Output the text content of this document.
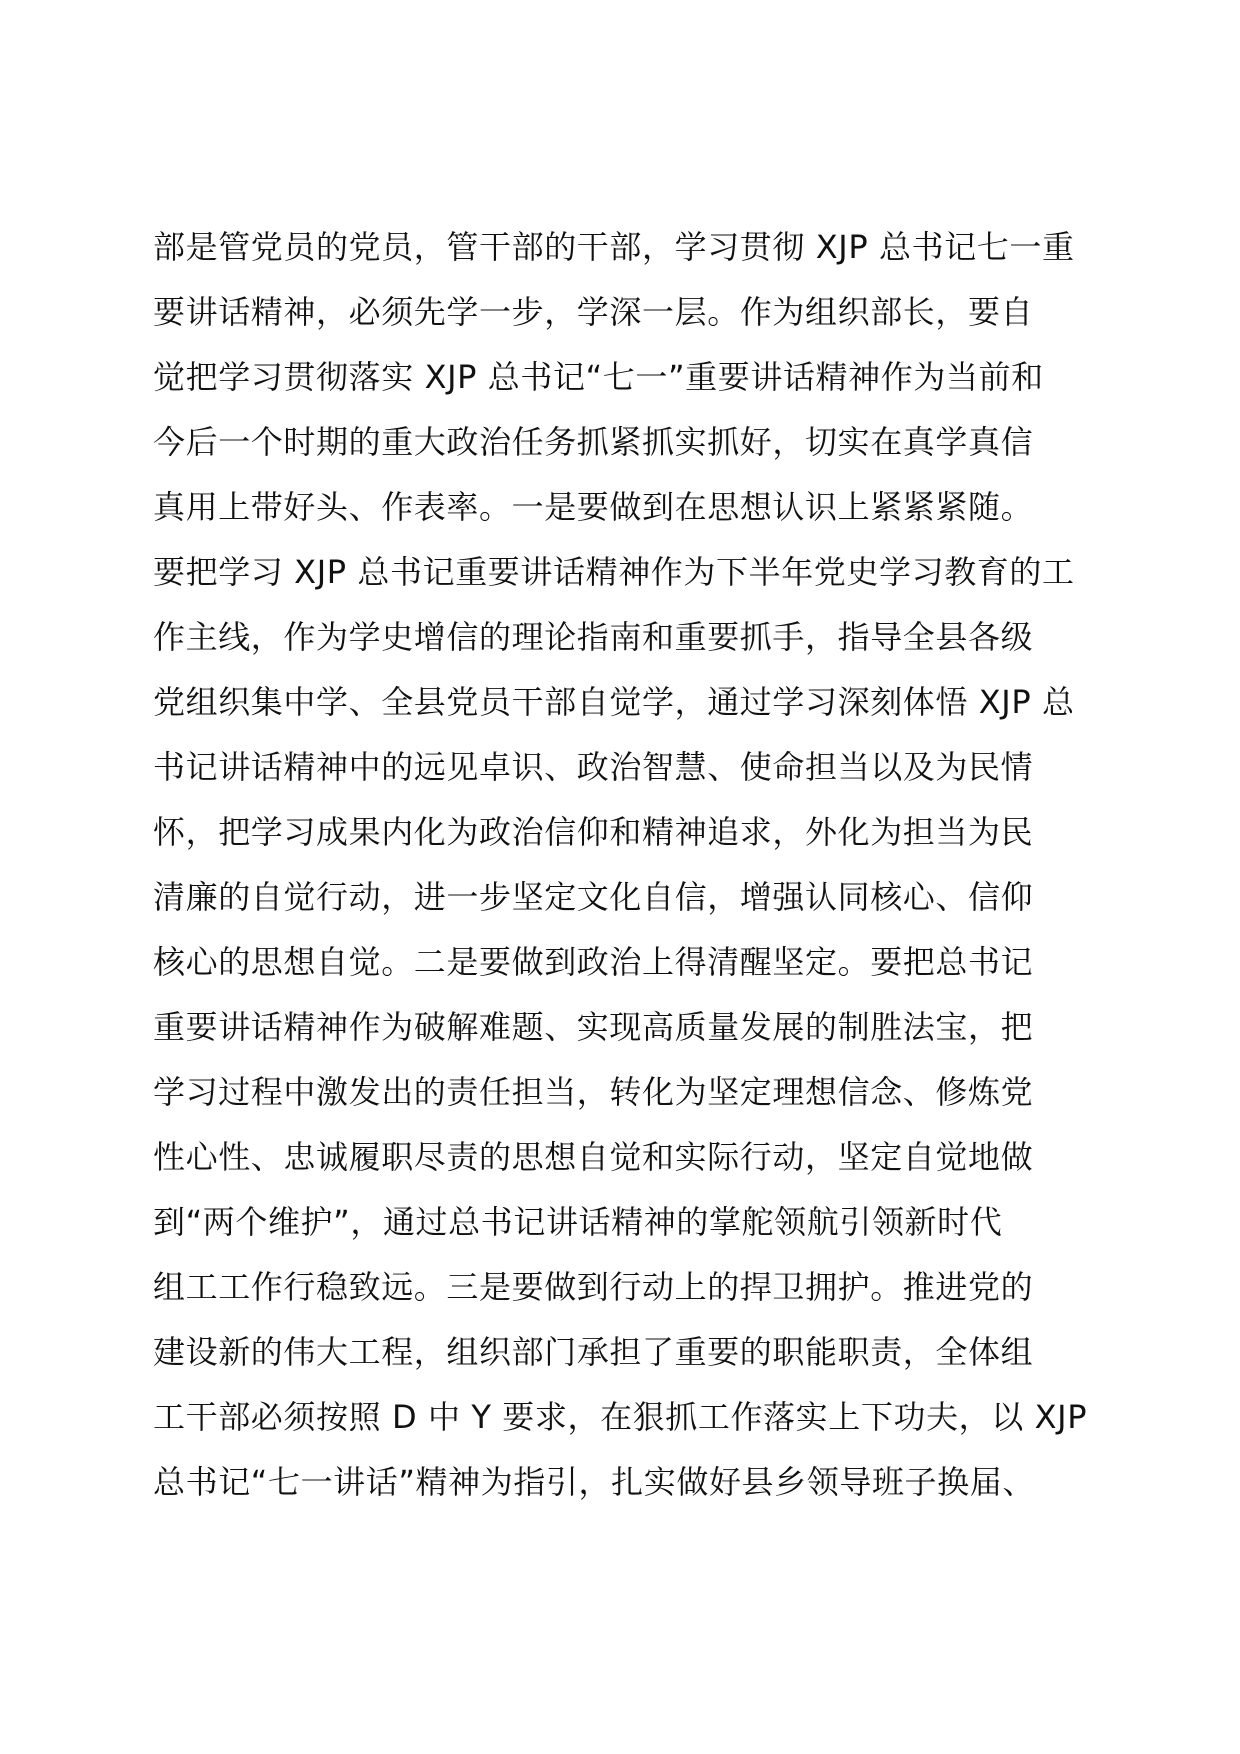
部是管党员的党员，管干部的干部，学习贯彻 XJP 总书记七一重
要讲话精神，必须先学一步，学深一层。作为组织部长，要自
觉把学习贯彻落实 XJP 总书记“七一”重要讲话精神作为当前和
今后一个时期的重大政治任务抓紧抓实抓好，切实在真学真信
真用上带好头、作表率。一是要做到在思想认识上紧紧紧随。
要把学习 XJP 总书记重要讲话精神作为下半年党史学习教育的工
作主线，作为学史增信的理论指南和重要抓手，指导全县各级
党组织集中学、全县党员干部自觉学，通过学习深刻体悟 XJP 总
书记讲话精神中的远见卓识、政治智慧、使命担当以及为民情
怀，把学习成果内化为政治信仰和精神追求，外化为担当为民
清廉的自觉行动，进一步坚定文化自信，增强认同核心、信仰
核心的思想自觉。二是要做到政治上得清醒坚定。要把总书记
重要讲话精神作为破解难题、实现高质量发展的制胜法宝，把
学习过程中激发出的责任担当，转化为坚定理想信念、修炼党
性心性、忠诚履职尽责的思想自觉和实际行动，坚定自觉地做
到“两个维护”，通过总书记讲话精神的掌舵领航引领新时代
组工工作行稳致远。三是要做到行动上的捍卫拥护。推进党的
建设新的伟大工程，组织部门承担了重要的职能职责，全体组
工干部必须按照 D 中 Y 要求，在狠抓工作落实上下功夫，以 XJP
总书记“七一讲话”精神为指引，扎实做好县乡领导班子换届、
